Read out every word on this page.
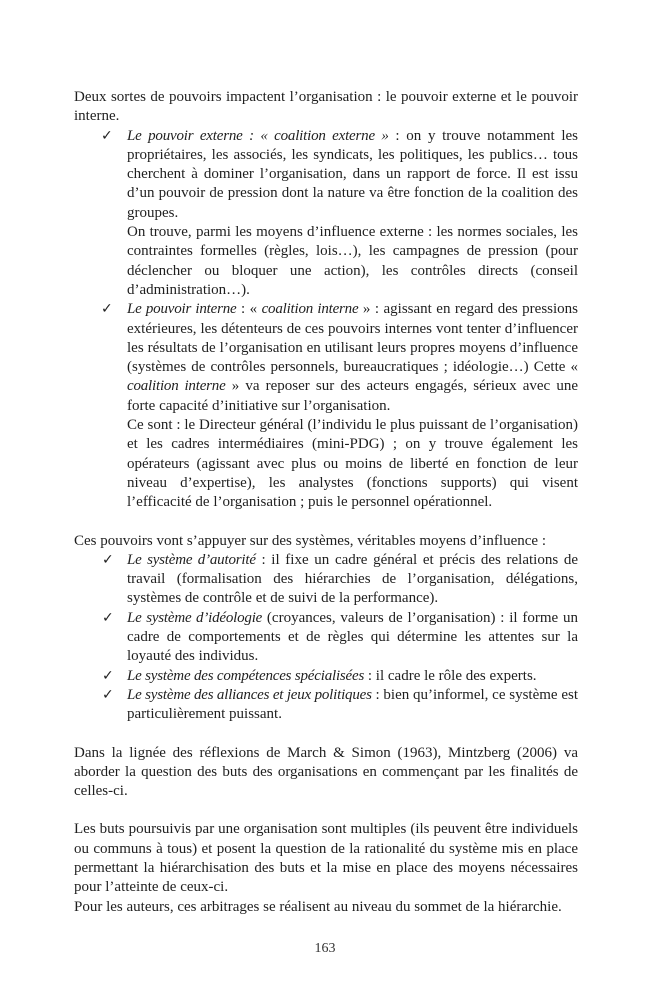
Deux sortes de pouvoirs impactent l’organisation : le pouvoir externe et le pouvoir interne.

✓ Le pouvoir externe : « coalition externe » : on y trouve notamment les propriétaires, les associés, les syndicats, les politiques, les publics… tous cherchent à dominer l’organisation, dans un rapport de force. Il est issu d’un pouvoir de pression dont la nature va être fonction de la coalition des groupes.

On trouve, parmi les moyens d’influence externe : les normes sociales, les contraintes formelles (règles, lois…), les campagnes de pression (pour déclencher ou bloquer une action), les contrôles directs (conseil d’administration…).

✓ Le pouvoir interne : « coalition interne » : agissant en regard des pressions extérieures, les détenteurs de ces pouvoirs internes vont tenter d’influencer les résultats de l’organisation en utilisant leurs propres moyens d’influence (systèmes de contrôles personnels, bureaucratiques ; idéologie…) Cette « coalition interne » va reposer sur des acteurs engagés, sérieux avec une forte capacité d’initiative sur l’organisation.

Ce sont : le Directeur général (l’individu le plus puissant de l’organisation) et les cadres intermédiaires (mini-PDG) ; on y trouve également les opérateurs (agissant avec plus ou moins de liberté en fonction de leur niveau d’expertise), les analystes (fonctions supports) qui visent l’efficacité de l’organisation ; puis le personnel opérationnel.

Ces pouvoirs vont s’appuyer sur des systèmes, véritables moyens d’influence :

✓ Le système d’autorité : il fixe un cadre général et précis des relations de travail (formalisation des hiérarchies de l’organisation, délégations, systèmes de contrôle et de suivi de la performance).

✓ Le système d’idéologie (croyances, valeurs de l’organisation) : il forme un cadre de comportements et de règles qui détermine les attentes sur la loyauté des individus.

✓ Le système des compétences spécialisées : il cadre le rôle des experts.

✓ Le système des alliances et jeux politiques : bien qu’informel, ce système est particulièrement puissant.

Dans la lignée des réflexions de March & Simon (1963), Mintzberg (2006) va aborder la question des buts des organisations en commençant par les finalités de celles-ci.

Les buts poursuivis par une organisation sont multiples (ils peuvent être individuels ou communs à tous) et posent la question de la rationalité du système mis en place permettant la hiérarchisation des buts et la mise en place des moyens nécessaires pour l’atteinte de ceux-ci.

Pour les auteurs, ces arbitrages se réalisent au niveau du sommet de la hiérarchie.

163
